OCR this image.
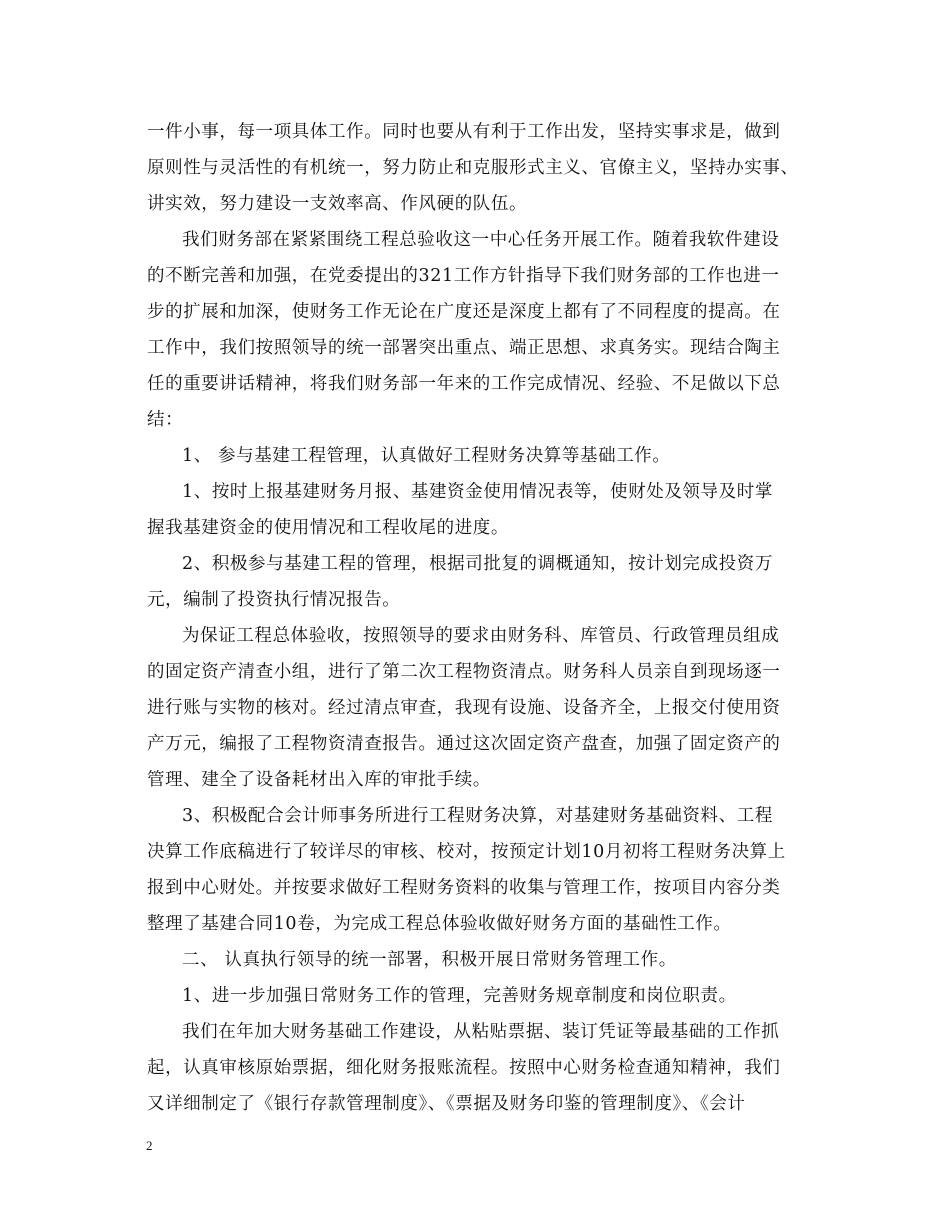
一件小事，每一项具体工作。同时也要从有利于工作出发，坚持实事求是，做到
原则性与灵活性的有机统一，努力防止和克服形式主义、官僚主义，坚持办实事、
讲实效，努力建设一支效率高、作风硬的队伍。
我们财务部在紧紧围绕工程总验收这一中心任务开展工作。随着我软件建设
的不断完善和加强，在党委提出的321工作方针指导下我们财务部的工作也进一
步的扩展和加深，使财务工作无论在广度还是深度上都有了不同程度的提高。在
工作中，我们按照领导的统一部署突出重点、端正思想、求真务实。现结合陶主
任的重要讲话精神，将我们财务部一年来的工作完成情况、经验、不足做以下总
结：
1、 参与基建工程管理，认真做好工程财务决算等基础工作。
1、按时上报基建财务月报、基建资金使用情况表等，使财处及领导及时掌
握我基建资金的使用情况和工程收尾的进度。
2、积极参与基建工程的管理，根据司批复的调概通知，按计划完成投资万
元，编制了投资执行情况报告。
为保证工程总体验收，按照领导的要求由财务科、库管员、行政管理员组成
的固定资产清查小组，进行了第二次工程物资清点。财务科人员亲自到现场逐一
进行账与实物的核对。经过清点审查，我现有设施、设备齐全，上报交付使用资
产万元，编报了工程物资清查报告。通过这次固定资产盘查，加强了固定资产的
管理、建全了设备耗材出入库的审批手续。
3、积极配合会计师事务所进行工程财务决算，对基建财务基础资料、工程
决算工作底稿进行了较详尽的审核、校对，按预定计划10月初将工程财务决算上
报到中心财处。并按要求做好工程财务资料的收集与管理工作，按项目内容分类
整理了基建合同10卷，为完成工程总体验收做好财务方面的基础性工作。
二、 认真执行领导的统一部署，积极开展日常财务管理工作。
1、进一步加强日常财务工作的管理，完善财务规章制度和岗位职责。
我们在年加大财务基础工作建设，从粘贴票据、装订凭证等最基础的工作抓
起，认真审核原始票据，细化财务报账流程。按照中心财务检查通知精神，我们
又详细制定了《银行存款管理制度》、《票据及财务印鉴的管理制度》、《会计
2
